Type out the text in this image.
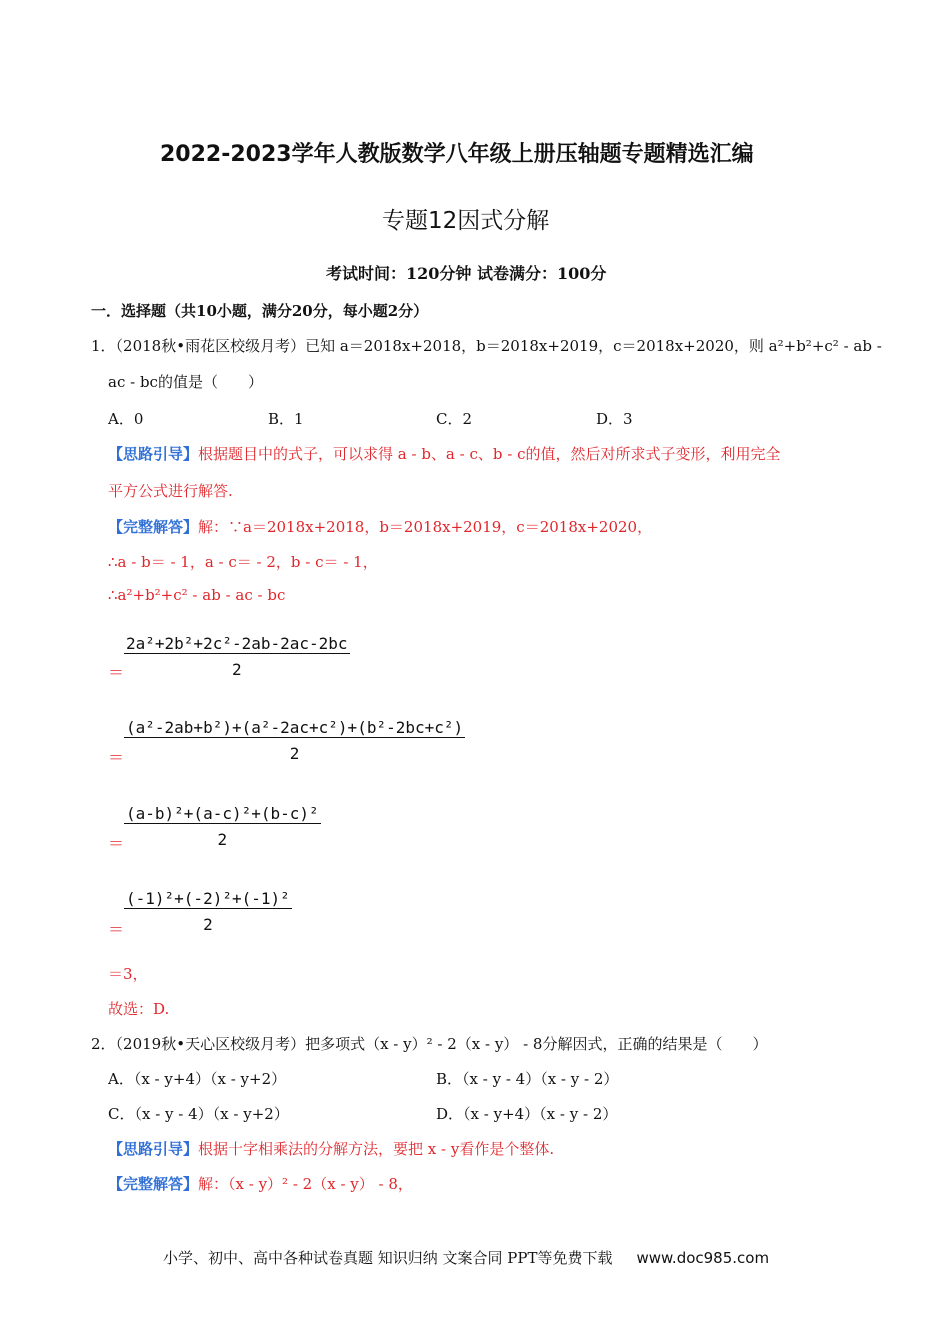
2022-2023学年人教版数学八年级上册压轴题专题精选汇编
专题12因式分解
考试时间：120分钟 试卷满分：100分
一．选择题（共10小题，满分20分，每小题2分）
1．（2018秋•雨花区校级月考）已知 a＝2018x+2018，b＝2018x+2019，c＝2018x+2020，则 a²+b²+c² - ab -
ac - bc的值是（　　）
A．0	B．1	C．2	D．3
【思路引导】根据题目中的式子，可以求得 a - b、a - c、b - c的值，然后对所求式子变形，利用完全
平方公式进行解答.
【完整解答】解：∵a＝2018x+2018，b＝2018x+2019，c＝2018x+2020，
∴a - b＝ - 1，a - c＝ - 2，b - c＝ - 1，
∴a²+b²+c² - ab - ac - bc
＝
2a²+2b²+2c²-2ab-2ac-2bc
2
＝
(a²-2ab+b²)+(a²-2ac+c²)+(b²-2bc+c²)
2
＝
(a-b)²+(a-c)²+(b-c)²
2
＝
(-1)²+(-2)²+(-1)²
2
＝3，
故选：D.
2．（2019秋•天心区校级月考）把多项式（x - y）² - 2（x - y） - 8分解因式，正确的结果是（　　）
A．（x - y+4）（x - y+2）	B．（x - y - 4）（x - y - 2）
C．（x - y - 4）（x - y+2）	D．（x - y+4）（x - y - 2）
【思路引导】根据十字相乘法的分解方法，要把 x - y看作是个整体.
【完整解答】解：（x - y）² - 2（x - y） - 8，
小学、初中、高中各种试卷真题 知识归纳 文案合同 PPT等免费下载 www.doc985.com
